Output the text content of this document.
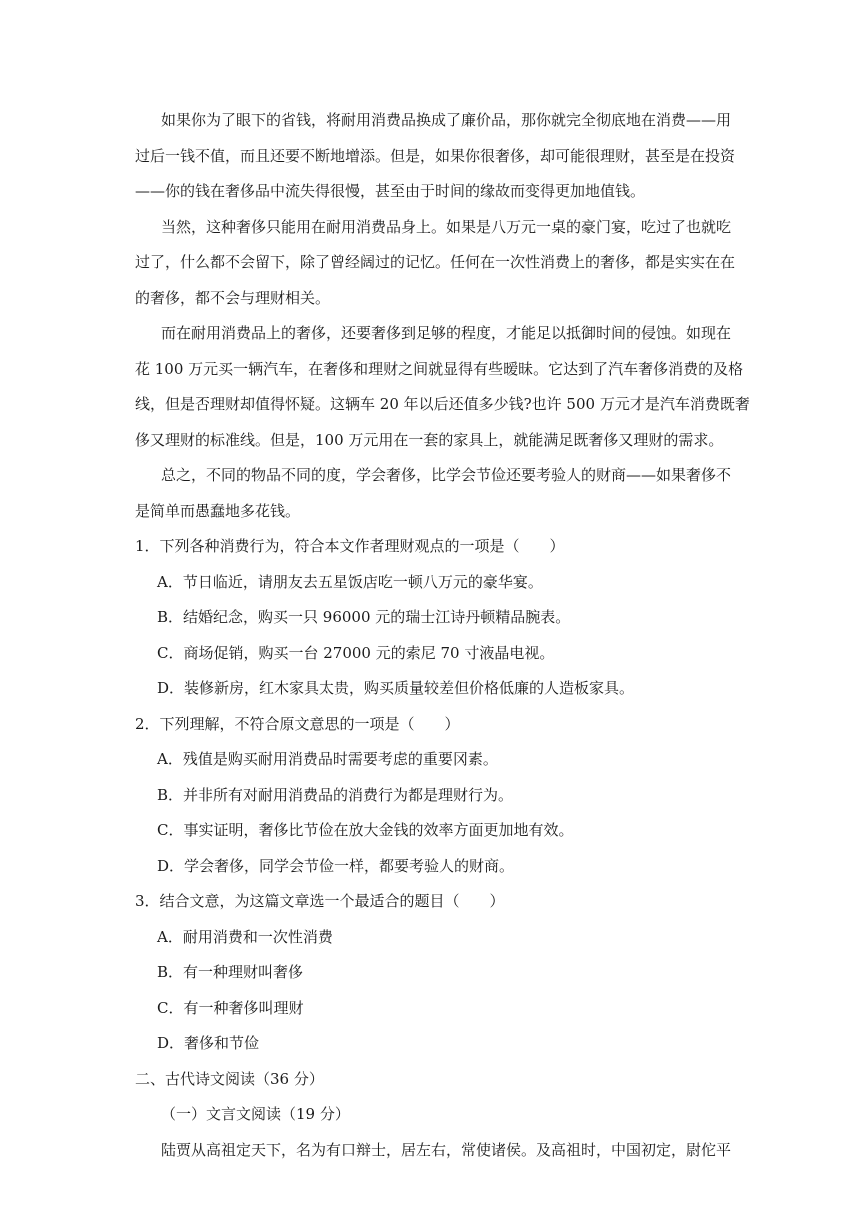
如果你为了眼下的省钱，将耐用消费品换成了廉价品，那你就完全彻底地在消费——用
过后一钱不值，而且还要不断地增添。但是，如果你很奢侈，却可能很理财，甚至是在投资
——你的钱在奢侈品中流失得很慢，甚至由于时间的缘故而变得更加地值钱。
当然，这种奢侈只能用在耐用消费品身上。如果是八万元一桌的豪门宴，吃过了也就吃
过了，什么都不会留下，除了曾经阔过的记忆。任何在一次性消费上的奢侈，都是实实在在
的奢侈，都不会与理财相关。
而在耐用消费品上的奢侈，还要奢侈到足够的程度，才能足以抵御时间的侵蚀。如现在
花 100 万元买一辆汽车，在奢侈和理财之间就显得有些暧昧。它达到了汽车奢侈消费的及格
线，但是否理财却值得怀疑。这辆车 20 年以后还值多少钱?也许 500 万元才是汽车消费既奢
侈又理财的标准线。但是，100 万元用在一套的家具上，就能满足既奢侈又理财的需求。
总之，不同的物品不同的度，学会奢侈，比学会节俭还要考验人的财商——如果奢侈不
是简单而愚蠢地多花钱。
1．下列各种消费行为，符合本文作者理财观点的一项是（　　）
A．节日临近，请朋友去五星饭店吃一顿八万元的豪华宴。
B．结婚纪念，购买一只 96000 元的瑞士江诗丹顿精品腕表。
C．商场促销，购买一台 27000 元的索尼 70 寸液晶电视。
D．装修新房，红木家具太贵，购买质量较差但价格低廉的人造板家具。
2．下列理解，不符合原文意思的一项是（　　）
A．残值是购买耐用消费品时需要考虑的重要冈素。
B．并非所有对耐用消费品的消费行为都是理财行为。
C．事实证明，奢侈比节俭在放大金钱的效率方面更加地有效。
D．学会奢侈，同学会节俭一样，都要考验人的财商。
3．结合文意，为这篇文章选一个最适合的题目（　　）
A．耐用消费和一次性消费
B．有一种理财叫奢侈
C．有一种奢侈叫理财
D．奢侈和节俭
二、古代诗文阅读（36 分）
（一）文言文阅读（19 分）
陆贾从高祖定天下，名为有口辩士，居左右，常使诸侯。及高祖时，中国初定，尉佗平
